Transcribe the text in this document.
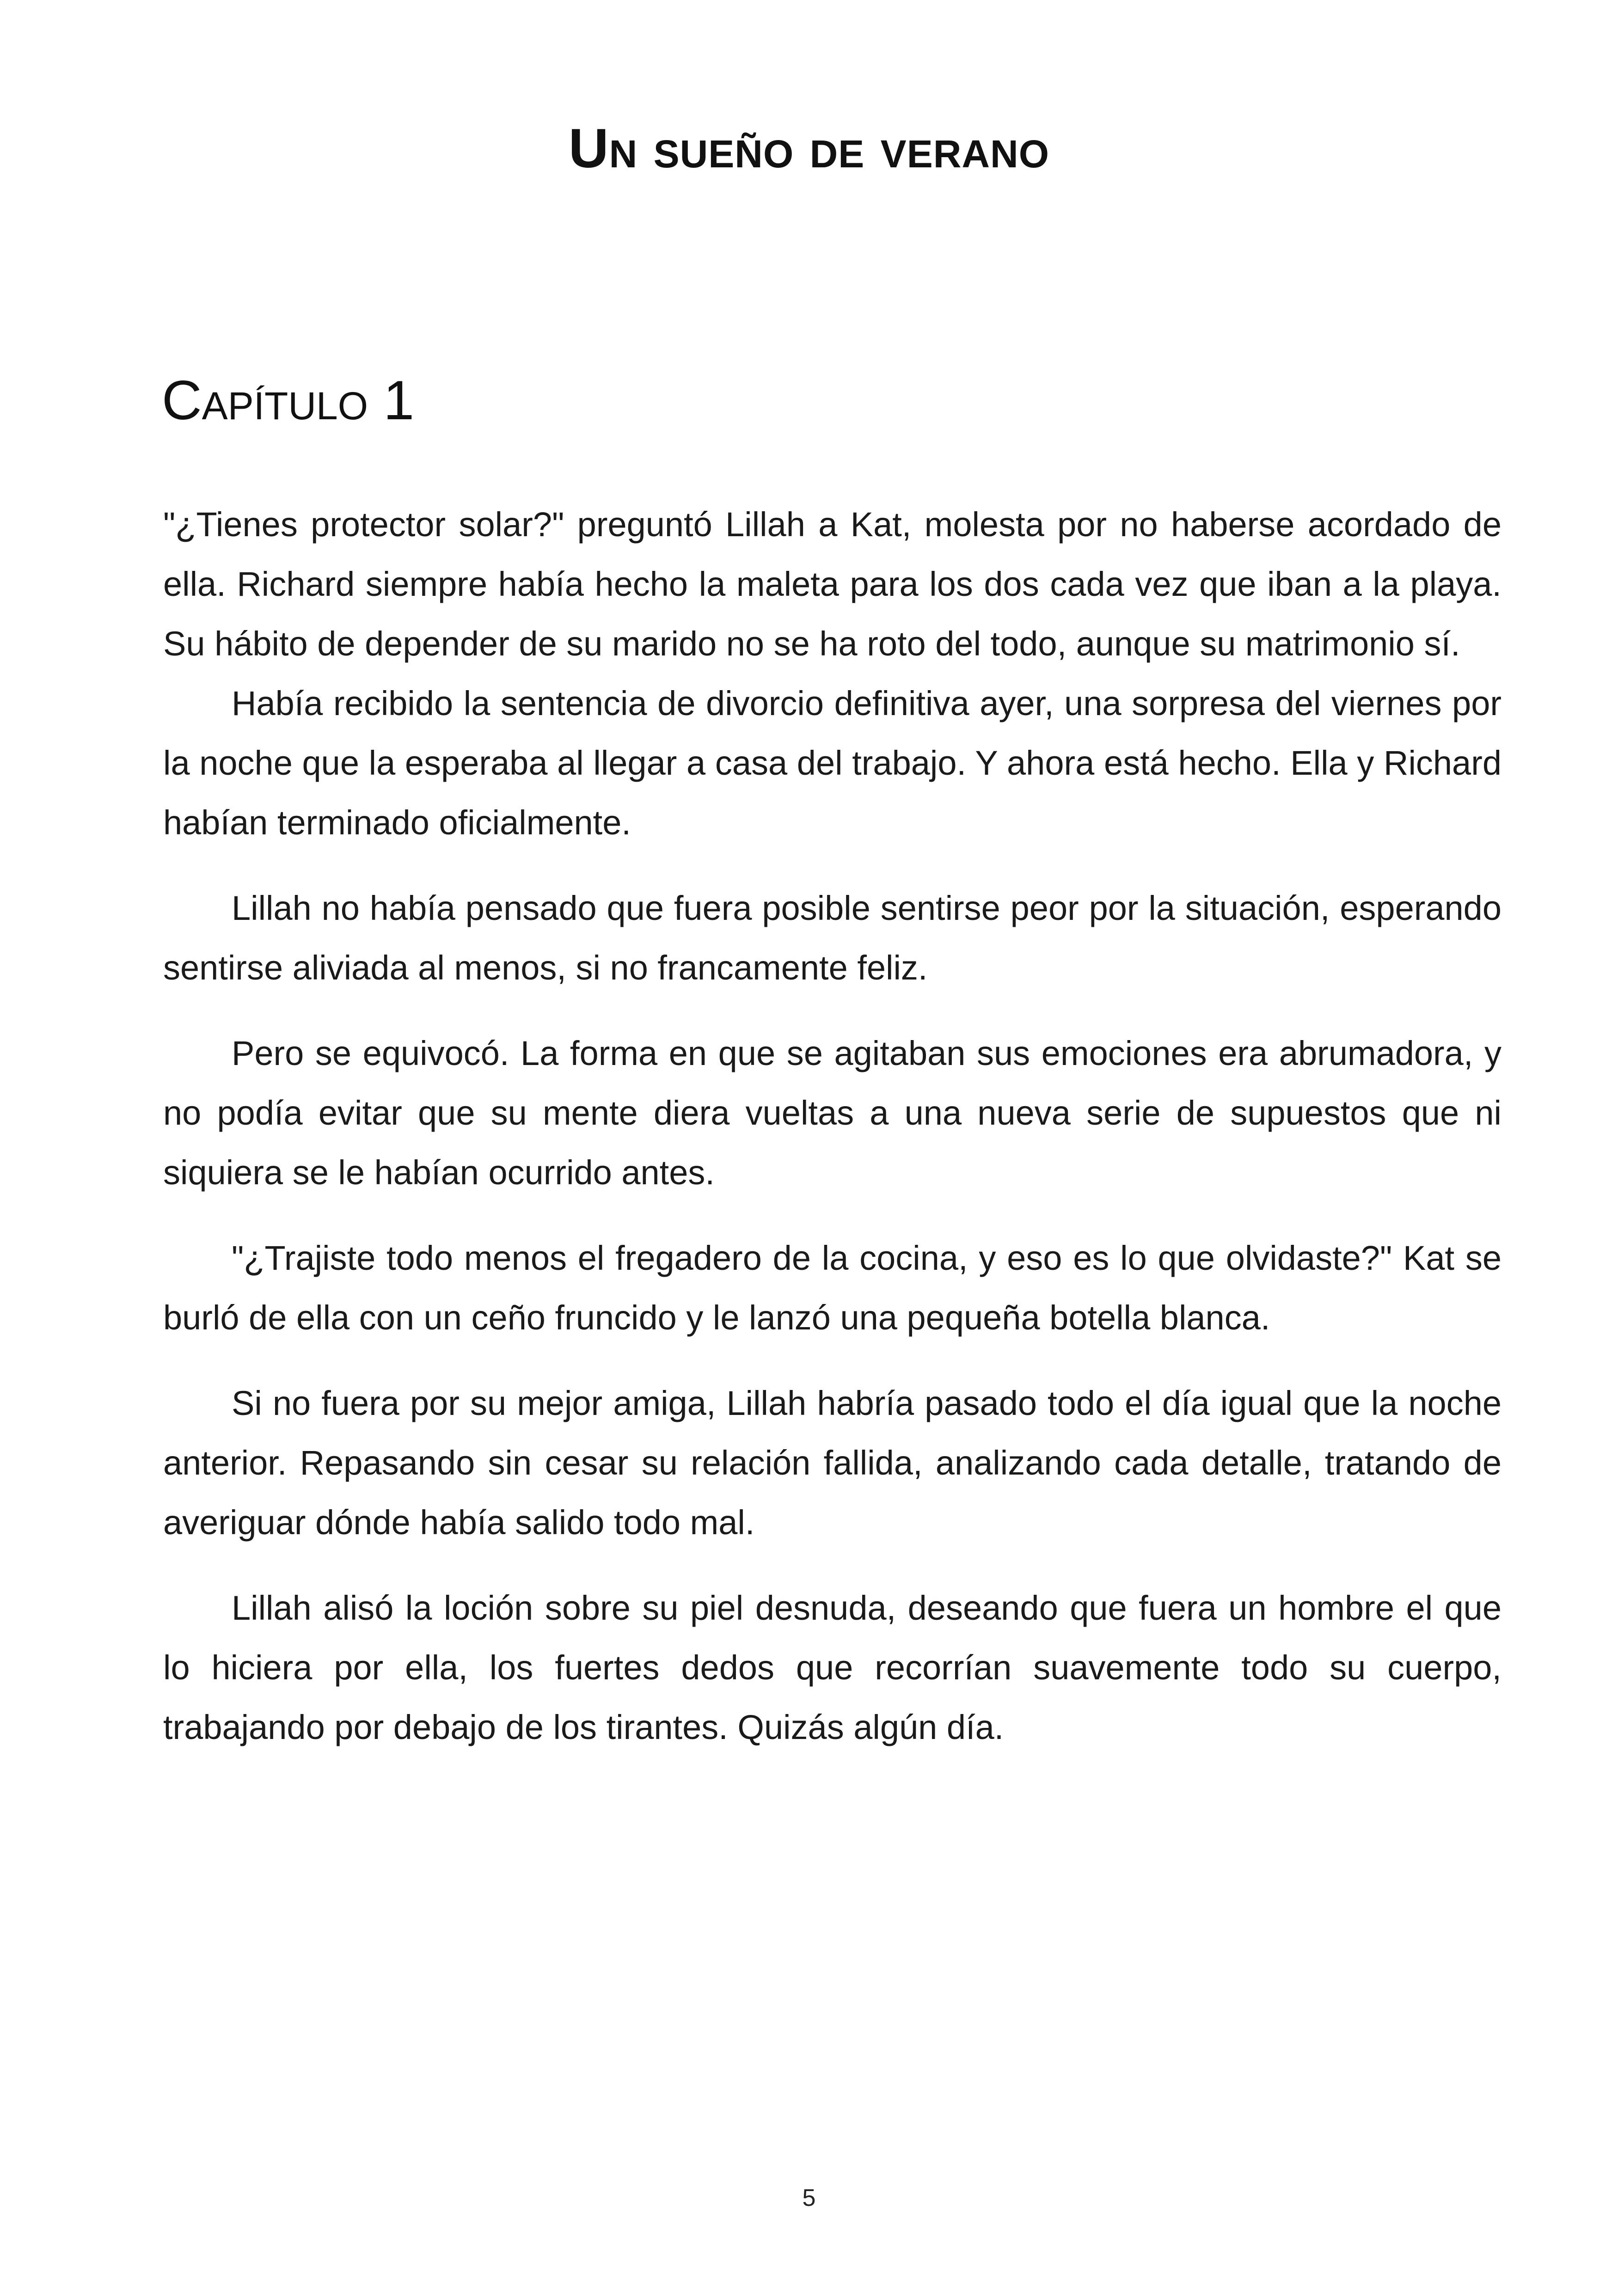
Un sueño de verano
Capítulo 1

"¿Tienes protector solar?" preguntó Lillah a Kat, molesta por no haberse acordado de ella. Richard siempre había hecho la maleta para los dos cada vez que iban a la playa. Su hábito de depender de su marido no se ha roto del todo, aunque su matrimonio sí.

Había recibido la sentencia de divorcio definitiva ayer, una sorpresa del viernes por la noche que la esperaba al llegar a casa del trabajo. Y ahora está hecho. Ella y Richard habían terminado oficialmente.

Lillah no había pensado que fuera posible sentirse peor por la situación, esperando sentirse aliviada al menos, si no francamente feliz.

Pero se equivocó. La forma en que se agitaban sus emociones era abrumadora, y no podía evitar que su mente diera vueltas a una nueva serie de supuestos que ni siquiera se le habían ocurrido antes.

"¿Trajiste todo menos el fregadero de la cocina, y eso es lo que olvidaste?" Kat se burló de ella con un ceño fruncido y le lanzó una pequeña botella blanca.

Si no fuera por su mejor amiga, Lillah habría pasado todo el día igual que la noche anterior. Repasando sin cesar su relación fallida, analizando cada detalle, tratando de averiguar dónde había salido todo mal.

Lillah alisó la loción sobre su piel desnuda, deseando que fuera un hombre el que lo hiciera por ella, los fuertes dedos que recorrían suavemente todo su cuerpo, trabajando por debajo de los tirantes. Quizás algún día.

5
